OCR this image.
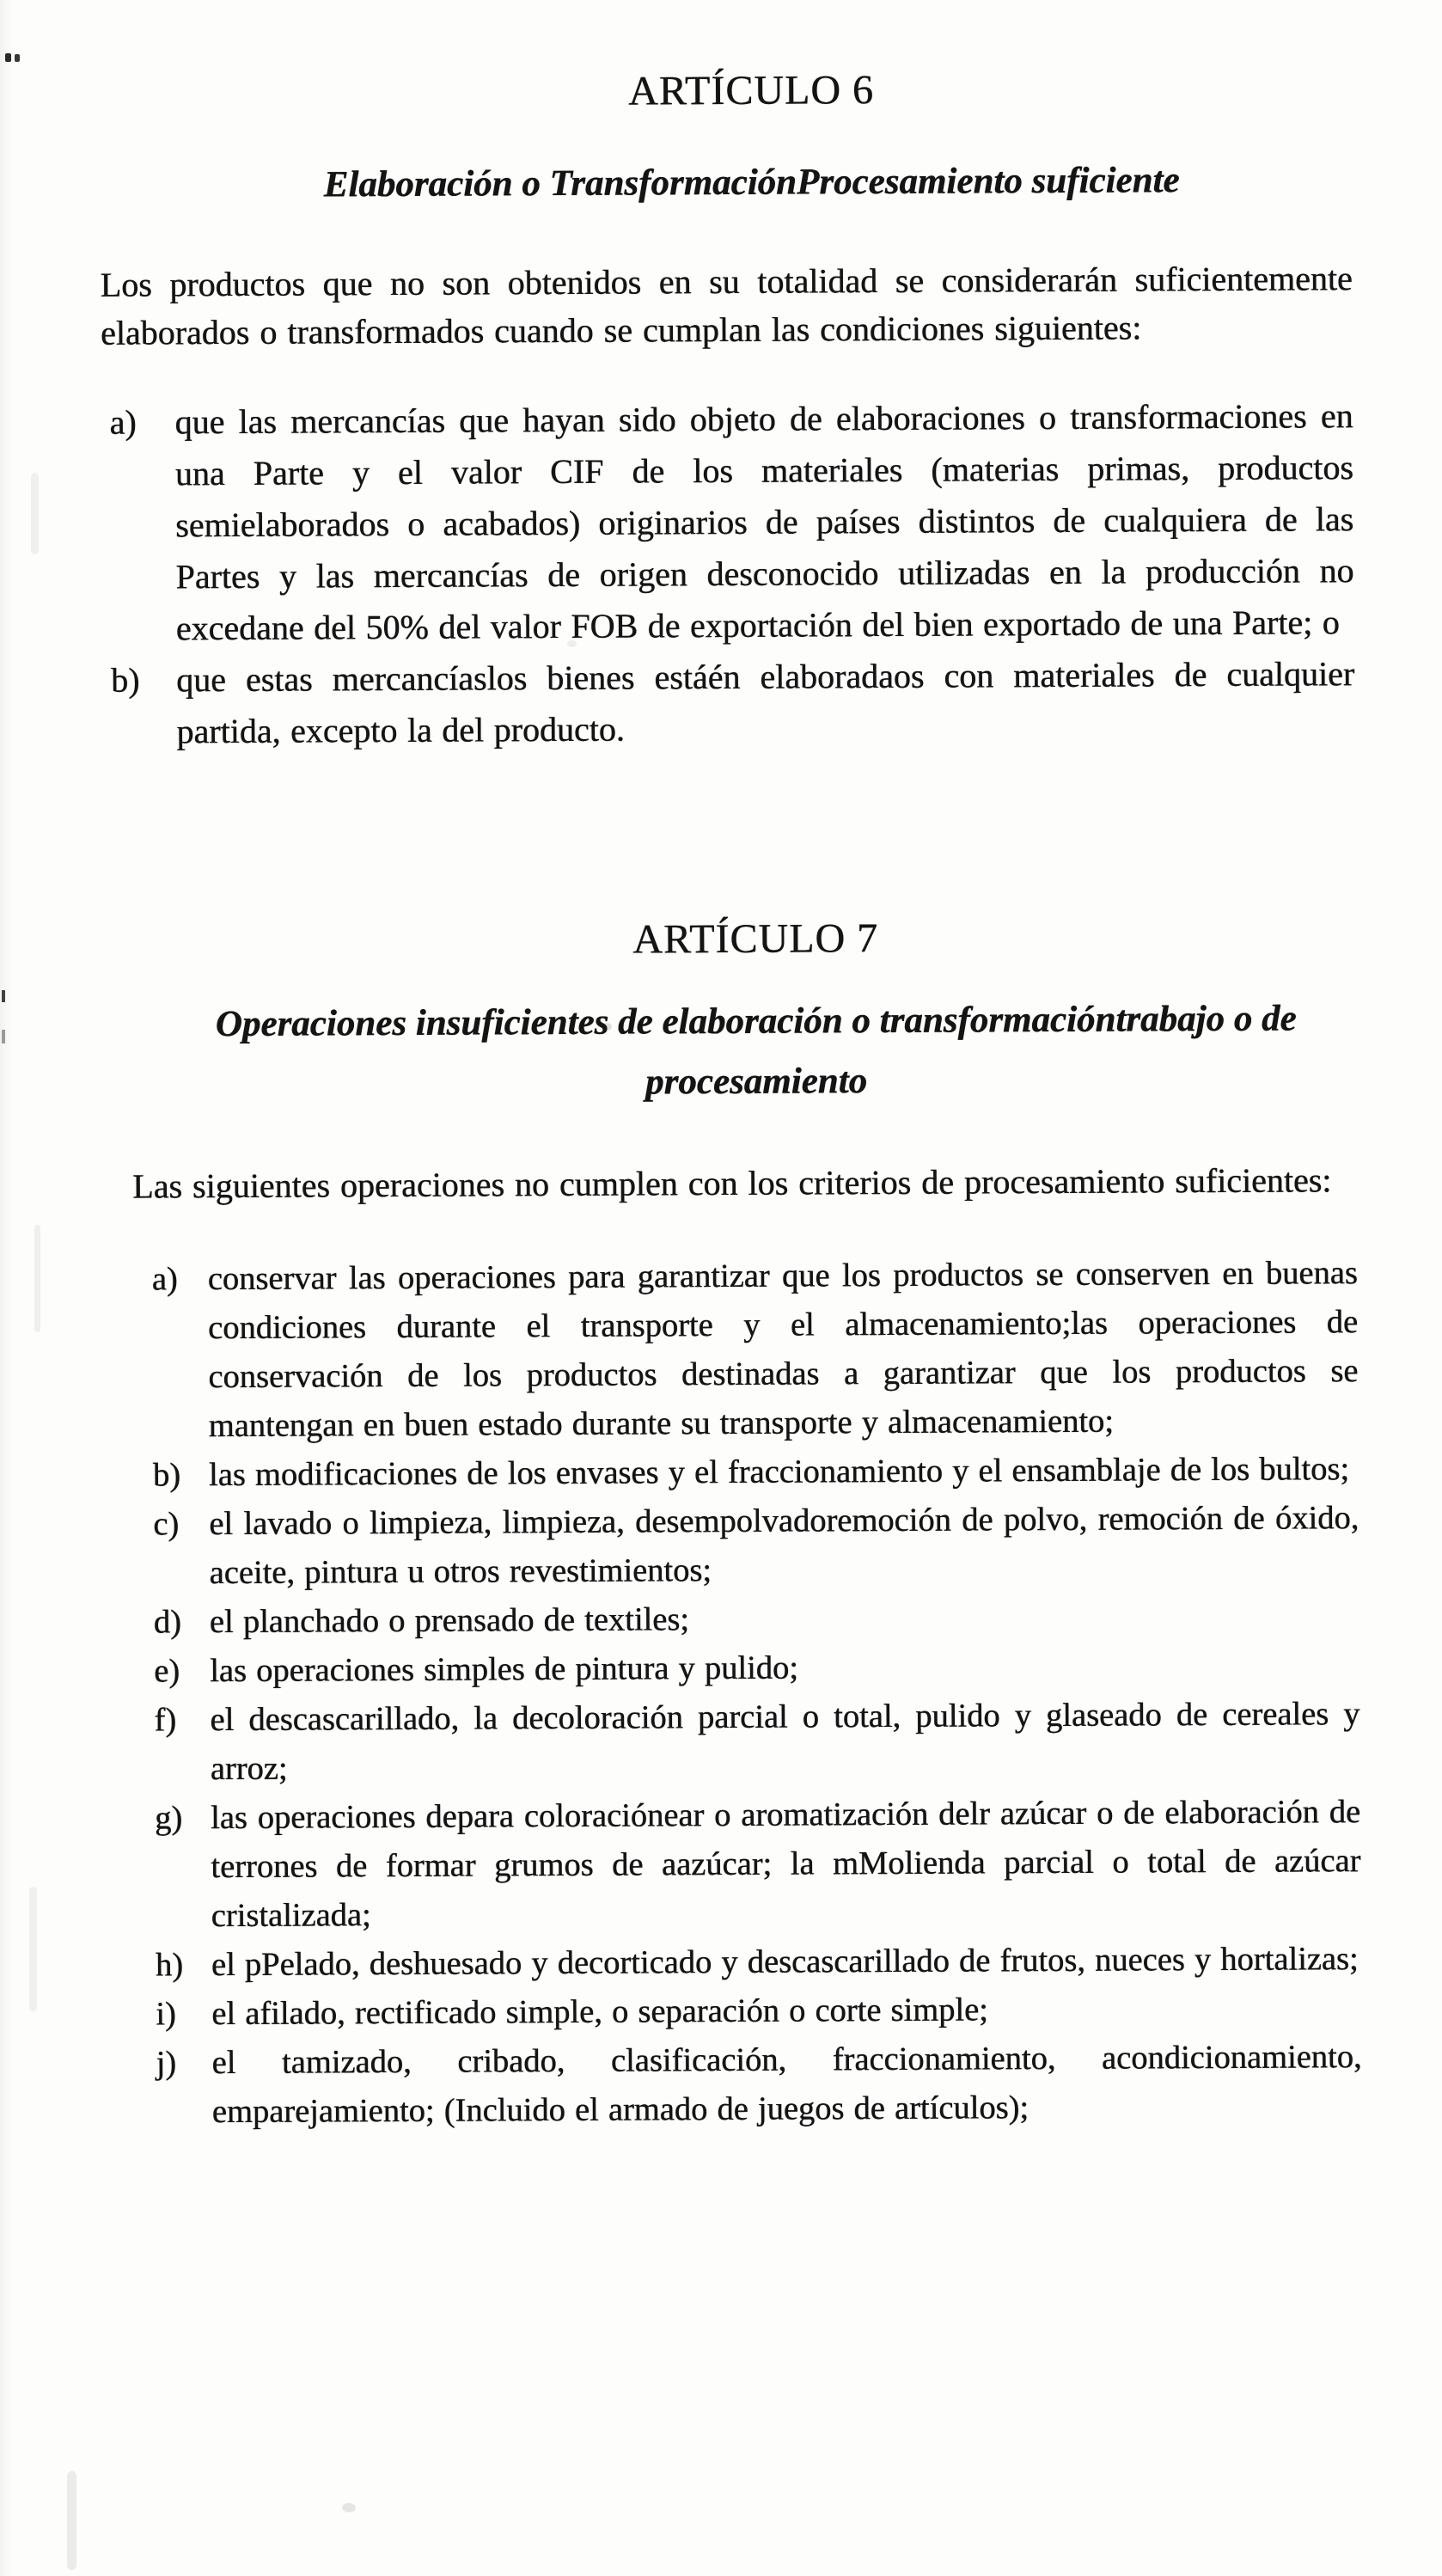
ARTÍCULO 6
Elaboración o TransformaciónProcesamiento suficiente

Los productos que no son obtenidos en su totalidad se considerarán suficientemente elaborados o transformados cuando se cumplan las condiciones siguientes:

a)	que las mercancías que hayan sido objeto de elaboraciones o transformaciones en una Parte y el valor CIF de los materiales (materias primas, productos semielaborados o acabados) originarios de países distintos de cualquiera de las Partes y las mercancías de origen desconocido utilizadas en la producción no excedane del 50% del valor FOB de exportación del bien exportado de una Parte; o
b)	que estas mercancíaslos bienes estáén elaboradaos con materiales de cualquier partida, excepto la del producto.
ARTÍCULO 7
Operaciones insuficientes de elaboración o transformacióntrabajo o de procesamiento

Las siguientes operaciones no cumplen con los criterios de procesamiento suficientes:

a) conservar las operaciones para garantizar que los productos se conserven en buenas condiciones durante el transporte y el almacenamiento;las operaciones de conservación de los productos destinadas a garantizar que los productos se mantengan en buen estado durante su transporte y almacenamiento;
b) las modificaciones de los envases y el fraccionamiento y el ensamblaje de los bultos;
c) el lavado o limpieza, limpieza, desempolvadoremoción de polvo, remoción de óxido, aceite, pintura u otros revestimientos;
d) el planchado o prensado de textiles;
e) las operaciones simples de pintura y pulido;
f)	el descascarillado, la decoloración parcial o total, pulido y glaseado de cereales y arroz;
g) las operaciones depara coloraciónear o aromatización delr azúcar o de elaboración de terrones de formar grumos de aazúcar; la mMolienda parcial o total de azúcar cristalizada;
h) el pPelado, deshuesado y decorticado y descascarillado de frutos, nueces y hortalizas;
i)	el afilado, rectificado simple, o separación o corte simple;
j)	el tamizado, cribado, clasificación, fraccionamiento, acondicionamiento, emparejamiento; (Incluido el armado de juegos de artículos);
